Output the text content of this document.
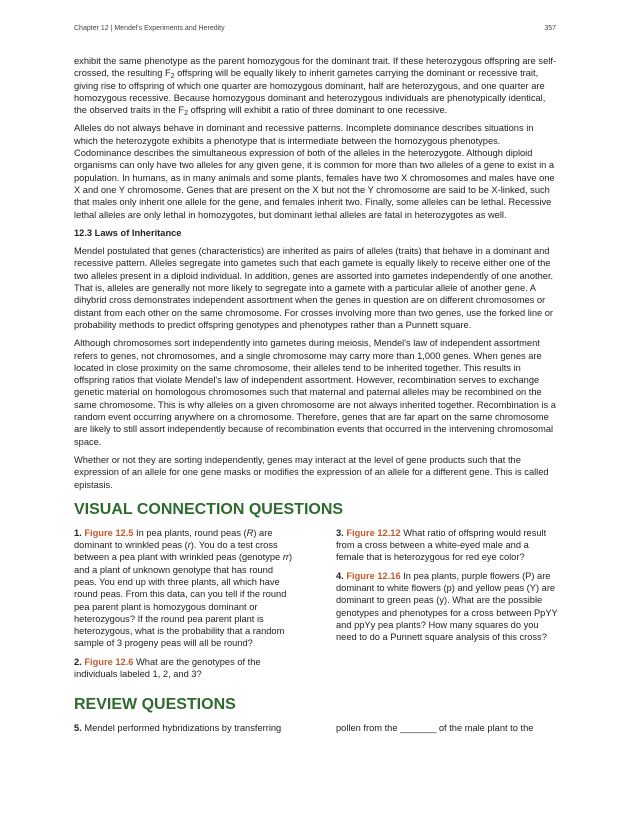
Chapter 12 | Mendel's Experiments and Heredity	357

exhibit the same phenotype as the parent homozygous for the dominant trait. If these heterozygous offspring are self-crossed, the resulting $F_2$ offspring will be equally likely to inherit gametes carrying the dominant or recessive trait, giving rise to offspring of which one quarter are homozygous dominant, half are heterozygous, and one quarter are homozygous recessive. Because homozygous dominant and heterozygous individuals are phenotypically identical, the observed traits in the $F_2$ offspring will exhibit a ratio of three dominant to one recessive.

Alleles do not always behave in dominant and recessive patterns. Incomplete dominance describes situations in which the heterozygote exhibits a phenotype that is intermediate between the homozygous phenotypes. Codominance describes the simultaneous expression of both of the alleles in the heterozygote. Although diploid organisms can only have two alleles for any given gene, it is common for more than two alleles of a gene to exist in a population. In humans, as in many animals and some plants, females have two X chromosomes and males have one X and one Y chromosome. Genes that are present on the X but not the Y chromosome are said to be X-linked, such that males only inherit one allele for the gene, and females inherit two. Finally, some alleles can be lethal. Recessive lethal alleles are only lethal in homozygotes, but dominant lethal alleles are fatal in heterozygotes as well.

12.3 Laws of Inheritance

Mendel postulated that genes (characteristics) are inherited as pairs of alleles (traits) that behave in a dominant and recessive pattern. Alleles segregate into gametes such that each gamete is equally likely to receive either one of the two alleles present in a diploid individual. In addition, genes are assorted into gametes independently of one another. That is, alleles are generally not more likely to segregate into a gamete with a particular allele of another gene. A dihybrid cross demonstrates independent assortment when the genes in question are on different chromosomes or distant from each other on the same chromosome. For crosses involving more than two genes, use the forked line or probability methods to predict offspring genotypes and phenotypes rather than a Punnett square.

Although chromosomes sort independently into gametes during meiosis, Mendel's law of independent assortment refers to genes, not chromosomes, and a single chromosome may carry more than 1,000 genes. When genes are located in close proximity on the same chromosome, their alleles tend to be inherited together. This results in offspring ratios that violate Mendel's law of independent assortment. However, recombination serves to exchange genetic material on homologous chromosomes such that maternal and paternal alleles may be recombined on the same chromosome. This is why alleles on a given chromosome are not always inherited together. Recombination is a random event occurring anywhere on a chromosome. Therefore, genes that are far apart on the same chromosome are likely to still assort independently because of recombination events that occurred in the intervening chromosomal space.

Whether or not they are sorting independently, genes may interact at the level of gene products such that the expression of an allele for one gene masks or modifies the expression of an allele for a different gene. This is called epistasis.

VISUAL CONNECTION QUESTIONS

1. Figure 12.5 In pea plants, round peas (R) are dominant to wrinkled peas (r). You do a test cross between a pea plant with wrinkled peas (genotype rr) and a plant of unknown genotype that has round peas. You end up with three plants, all which have round peas. From this data, can you tell if the round pea parent plant is homozygous dominant or heterozygous? If the round pea parent plant is heterozygous, what is the probability that a random sample of 3 progeny peas will all be round?

2. Figure 12.6 What are the genotypes of the individuals labeled 1, 2, and 3?

3. Figure 12.12 What ratio of offspring would result from a cross between a white-eyed male and a female that is heterozygous for red eye color?

4. Figure 12.16 In pea plants, purple flowers (P) are dominant to white flowers (p) and yellow peas (Y) are dominant to green peas (y). What are the possible genotypes and phenotypes for a cross between PpYY and ppYy pea plants? How many squares do you need to do a Punnett square analysis of this cross?

REVIEW QUESTIONS
5. Mendel performed hybridizations by transferring	pollen from the _______ of the male plant to the
